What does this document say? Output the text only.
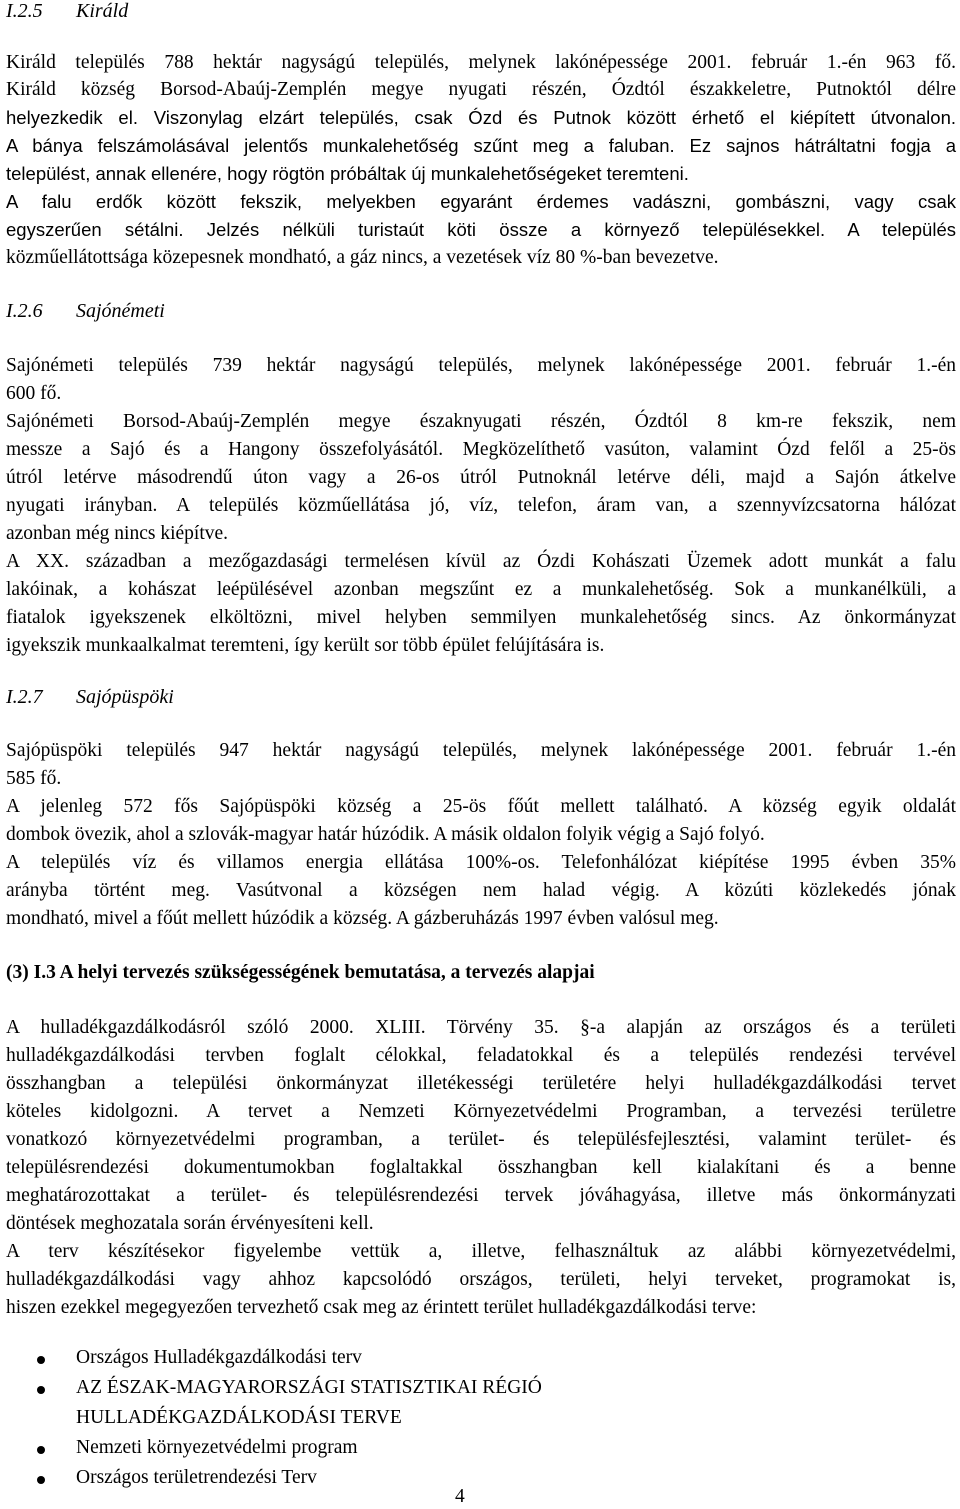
I.2.5 Királd
Királd település 788 hektár nagyságú település, melynek lakónépessége 2001. február 1.-én 963 fő.
Királd község Borsod-Abaúj-Zemplén megye nyugati részén, Ózdtól északkeletre, Putnoktól délre
helyezkedik el. Viszonylag elzárt település, csak Ózd és Putnok között érhető el kiépített útvonalon.
A bánya felszámolásával jelentős munkalehetőség szűnt meg a faluban. Ez sajnos hátráltatni fogja a
települést, annak ellenére, hogy rögtön próbáltak új munkalehetőségeket teremteni.
A falu erdők között fekszik, melyekben egyaránt érdemes vadászni, gombászni, vagy csak
egyszerűen sétálni. Jelzés nélküli turistaút köti össze a környező településekkel. A település
közműellátottsága közepesnek mondható, a gáz nincs, a vezetések víz 80 %-ban bevezetve.
I.2.6 Sajónémeti
Sajónémeti település 739 hektár nagyságú település, melynek lakónépessége 2001. február 1.-én
600 fő.
Sajónémeti Borsod-Abaúj-Zemplén megye északnyugati részén, Ózdtól 8 km-re fekszik, nem
messze a Sajó és a Hangony összefolyásától. Megközelíthető vasúton, valamint Ózd felől a 25-ös
útról letérve másodrendű úton vagy a 26-os útról Putnoknál letérve déli, majd a Sajón átkelve
nyugati irányban. A település közműellátása jó, víz, telefon, áram van, a szennyvízcsatorna hálózat
azonban még nincs kiépítve.
A XX. században a mezőgazdasági termelésen kívül az Ózdi Kohászati Üzemek adott munkát a falu
lakóinak, a kohászat leépülésével azonban megszűnt ez a munkalehetőség. Sok a munkanélküli, a
fiatalok igyekszenek elköltözni, mivel helyben semmilyen munkalehetőség sincs. Az önkormányzat
igyekszik munkaalkalmat teremteni, így került sor több épület felújítására is.
I.2.7 Sajópüspöki
Sajópüspöki település 947 hektár nagyságú település, melynek lakónépessége 2001. február 1.-én
585 fő.
A jelenleg 572 fős Sajópüspöki község a 25-ös főút mellett található. A község egyik oldalát
dombok övezik, ahol a szlovák-magyar határ húzódik. A másik oldalon folyik végig a Sajó folyó.
A település víz és villamos energia ellátása 100%-os. Telefonhálózat kiépítése 1995 évben 35%
arányba történt meg. Vasútvonal a községen nem halad végig. A közúti közlekedés jónak
mondható, mivel a főút mellett húzódik a község. A gázberuházás 1997 évben valósul meg.
(3) I.3 A helyi tervezés szükségességének bemutatása, a tervezés alapjai
A hulladékgazdálkodásról szóló 2000. XLIII. Törvény 35. §-a alapján az országos és a területi
hulladékgazdálkodási tervben foglalt célokkal, feladatokkal és a település rendezési tervével
összhangban a települési önkormányzat illetékességi területére helyi hulladékgazdálkodási tervet
köteles kidolgozni. A tervet a Nemzeti Környezetvédelmi Programban, a tervezési területre
vonatkozó környezetvédelmi programban, a terület- és településfejlesztési, valamint terület- és
településrendezési dokumentumokban foglaltakkal összhangban kell kialakítani és a benne
meghatározottakat a terület- és településrendezési tervek jóváhagyása, illetve más önkormányzati
döntések meghozatala során érvényesíteni kell.
A terv készítésekor figyelembe vettük a, illetve, felhasználtuk az alábbi környezetvédelmi,
hulladékgazdálkodási vagy ahhoz kapcsolódó országos, területi, helyi terveket, programokat is,
hiszen ezekkel megegyezően tervezhető csak meg az érintett terület hulladékgazdálkodási terve:
Országos Hulladékgazdálkodási terv
AZ ÉSZAK-MAGYARORSZÁGI STATISZTIKAI RÉGIÓ
HULLADÉKGAZDÁLKODÁSI TERVE
Nemzeti környezetvédelmi program
Országos területrendezési Terv
4
